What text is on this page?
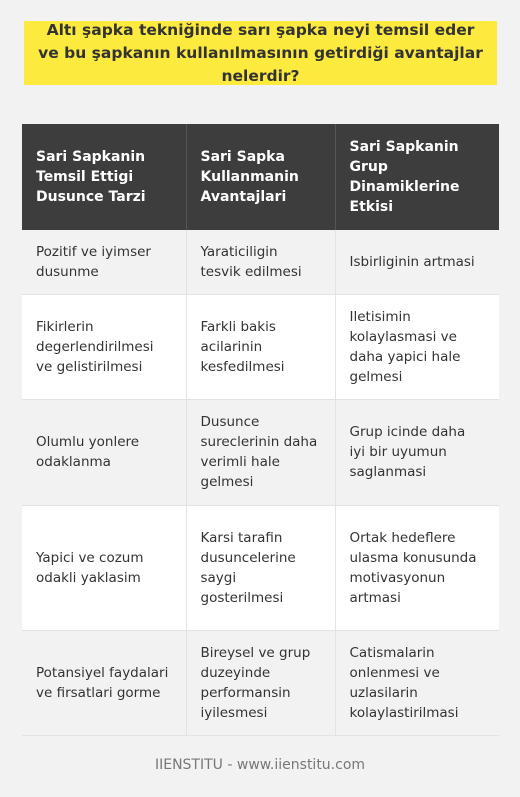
Altı şapka tekniğinde sarı şapka neyi temsil eder ve bu şapkanın kullanılmasının getirdiği avantajlar nelerdir?
Sari Sapkanin Temsil Ettigi Dusunce Tarzi	Sari Sapka Kullanmanin Avantajlari	Sari Sapkanin Grup Dinamiklerine Etkisi
Pozitif ve iyimser dusunme	Yaraticiligin tesvik edilmesi	Isbirliginin artmasi
Fikirlerin degerlendirilmesi ve gelistirilmesi	Farkli bakis acilarinin kesfedilmesi	Iletisimin kolaylasmasi ve daha yapici hale gelmesi
Olumlu yonlere odaklanma	Dusunce sureclerinin daha verimli hale gelmesi	Grup icinde daha iyi bir uyumun saglanmasi
Yapici ve cozum odakli yaklasim	Karsi tarafin dusuncelerine saygi gosterilmesi	Ortak hedeflere ulasma konusunda motivasyonun artmasi
Potansiyel faydalari ve firsatlari gorme	Bireysel ve grup duzeyinde performansin iyilesmesi	Catismalarin onlenmesi ve uzlasilarin kolaylastirilmasi
IIENSTITU - www.iienstitu.com
